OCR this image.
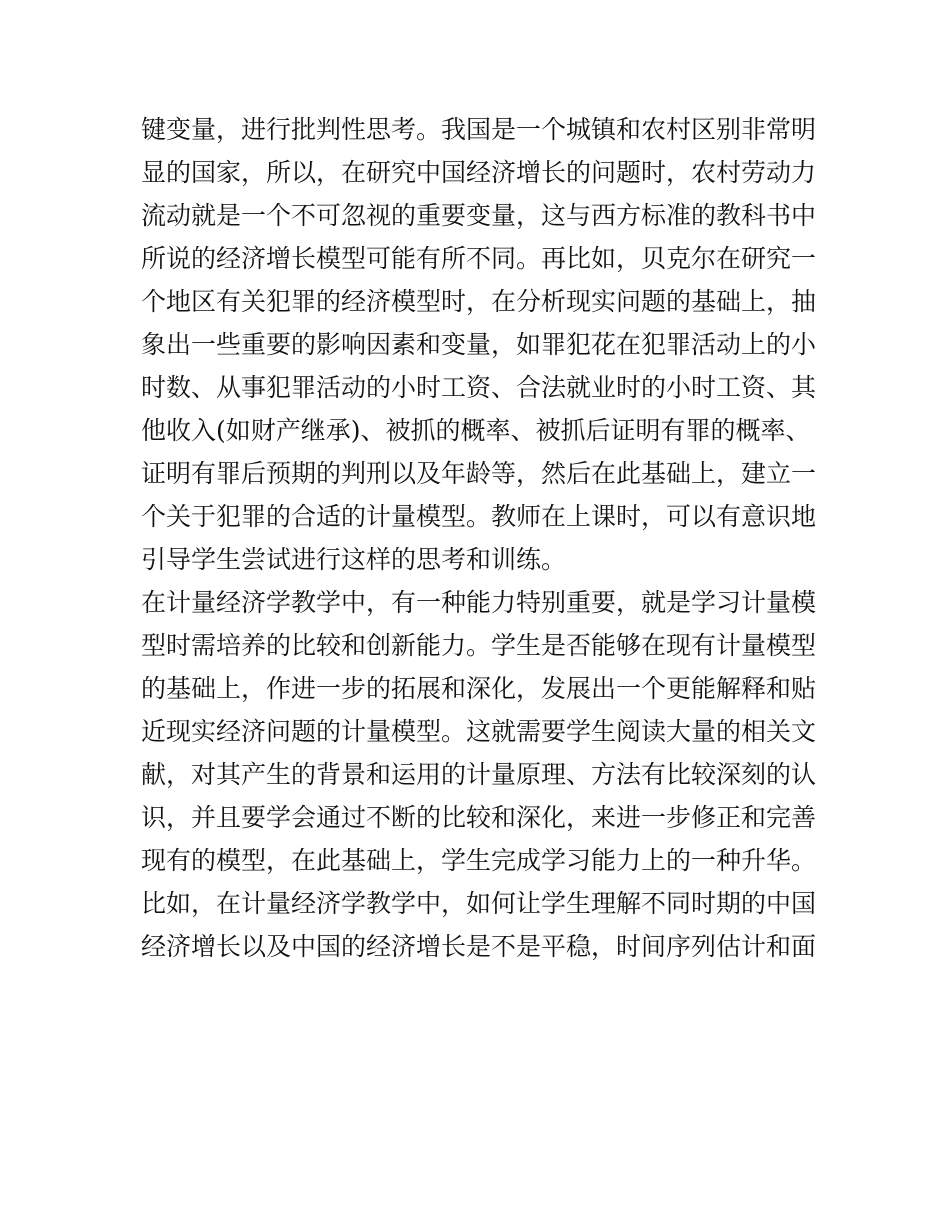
键变量，进行批判性思考。我国是一个城镇和农村区别非常明

显的国家，所以，在研究中国经济增长的问题时，农村劳动力

流动就是一个不可忽视的重要变量，这与西方标准的教科书中

所说的经济增长模型可能有所不同。再比如，贝克尔在研究一

个地区有关犯罪的经济模型时，在分析现实问题的基础上，抽

象出一些重要的影响因素和变量，如罪犯花在犯罪活动上的小

时数、从事犯罪活动的小时工资、合法就业时的小时工资、其

他收入(如财产继承)、被抓的概率、被抓后证明有罪的概率、

证明有罪后预期的判刑以及年龄等，然后在此基础上，建立一

个关于犯罪的合适的计量模型。教师在上课时，可以有意识地

引导学生尝试进行这样的思考和训练。

在计量经济学教学中，有一种能力特别重要，就是学习计量模

型时需培养的比较和创新能力。学生是否能够在现有计量模型

的基础上，作进一步的拓展和深化，发展出一个更能解释和贴

近现实经济问题的计量模型。这就需要学生阅读大量的相关文

献，对其产生的背景和运用的计量原理、方法有比较深刻的认

识，并且要学会通过不断的比较和深化，来进一步修正和完善

现有的模型，在此基础上，学生完成学习能力上的一种升华。

比如，在计量经济学教学中，如何让学生理解不同时期的中国

经济增长以及中国的经济增长是不是平稳，时间序列估计和面
